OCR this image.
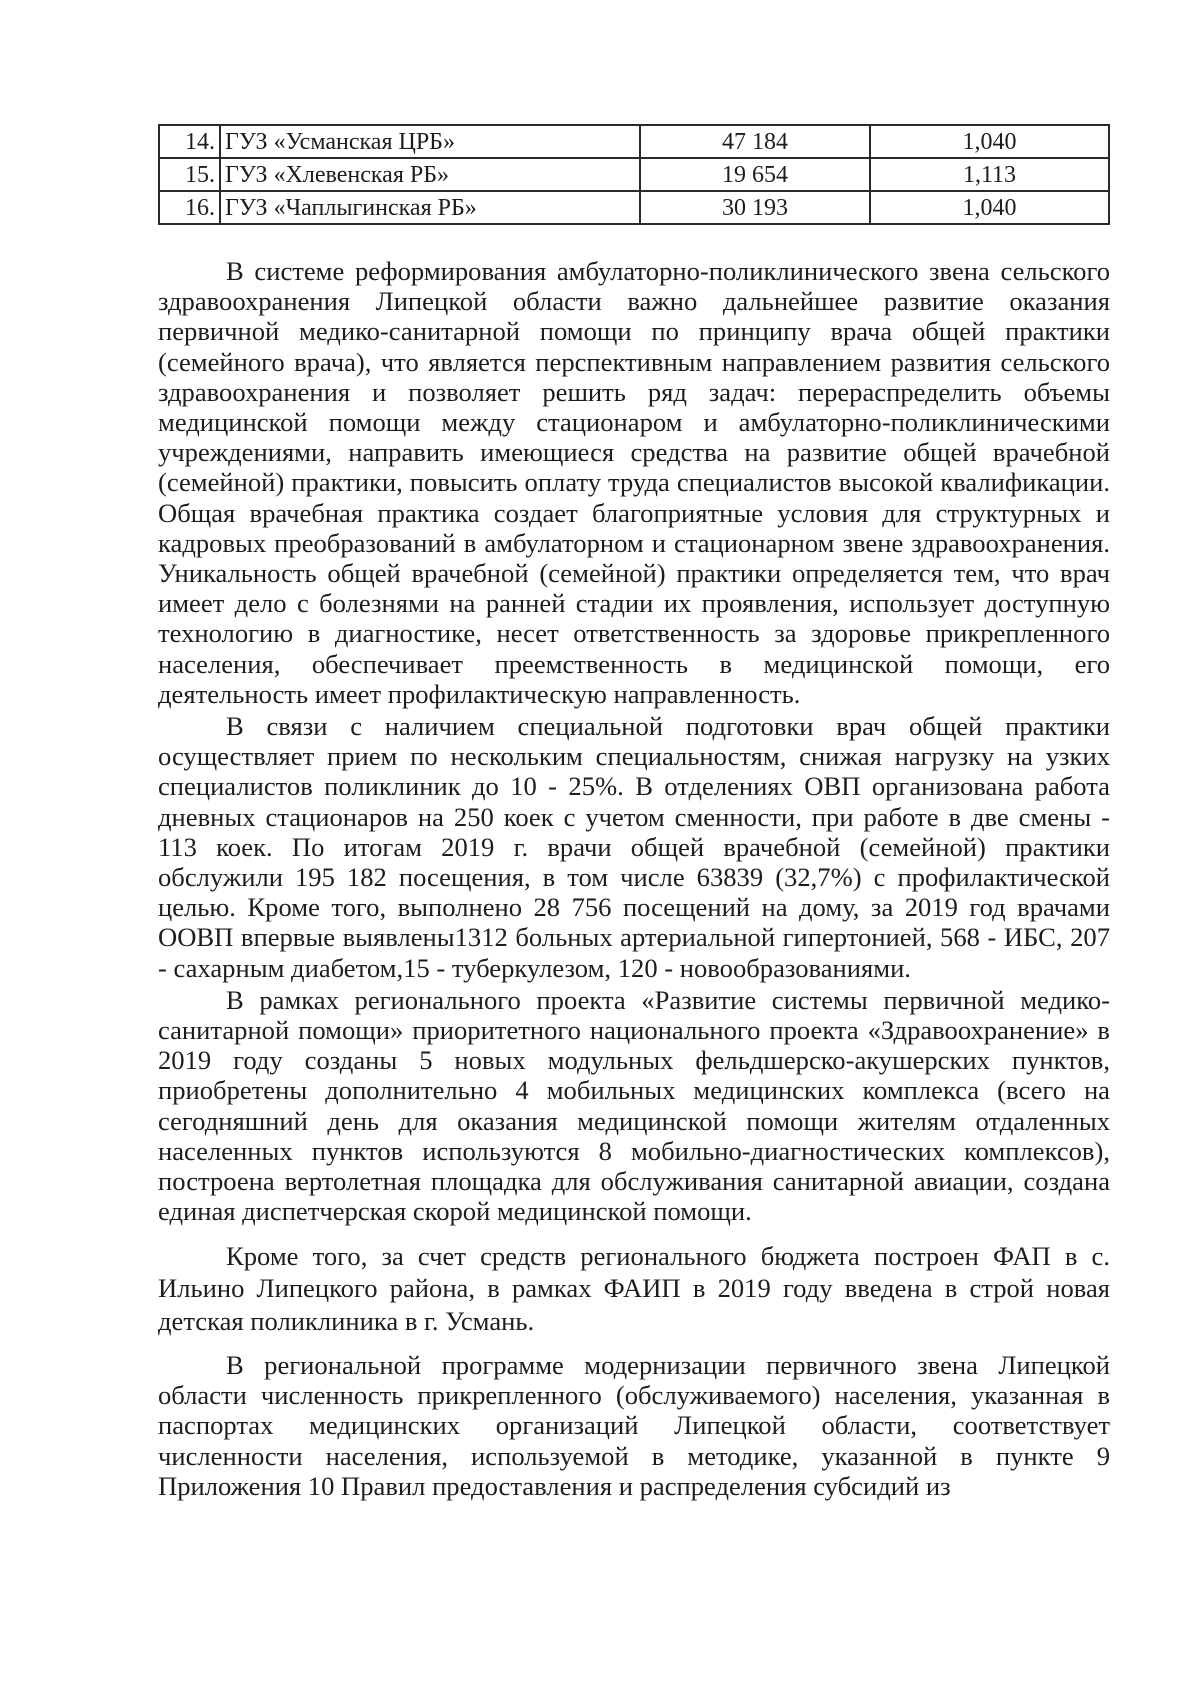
14.	ГУЗ «Усманская ЦРБ»	47 184	1,040
15.	ГУЗ «Хлевенская РБ»	19 654	1,113
16.	ГУЗ «Чаплыгинская РБ»	30 193	1,040

В системе реформирования амбулаторно-поликлинического звена сельского здравоохранения Липецкой области важно дальнейшее развитие оказания первичной медико-санитарной помощи по принципу врача общей практики (семейного врача), что является перспективным направлением развития сельского здравоохранения и позволяет решить ряд задач: перераспределить объемы медицинской помощи между стационаром и амбулаторно-поликлиническими учреждениями, направить имеющиеся средства на развитие общей врачебной (семейной) практики, повысить оплату труда специалистов высокой квалификации. Общая врачебная практика создает благоприятные условия для структурных и кадровых преобразований в амбулаторном и стационарном звене здравоохранения. Уникальность общей врачебной (семейной) практики определяется тем, что врач имеет дело с болезнями на ранней стадии их проявления, использует доступную технологию в диагностике, несет ответственность за здоровье прикрепленного населения, обеспечивает преемственность в медицинской помощи, его деятельность имеет профилактическую направленность.

В связи с наличием специальной подготовки врач общей практики осуществляет прием по нескольким специальностям, снижая нагрузку на узких специалистов поликлиник до 10 - 25%. В отделениях ОВП организована работа дневных стационаров на 250 коек с учетом сменности, при работе в две смены - 113 коек. По итогам 2019 г. врачи общей врачебной (семейной) практики обслужили 195 182 посещения, в том числе 63839 (32,7%) с профилактической целью. Кроме того, выполнено 28 756 посещений на дому, за 2019 год врачами ООВП впервые выявлены1312 больных артериальной гипертонией, 568 - ИБС, 207 - сахарным диабетом,15 - туберкулезом, 120 - новообразованиями.

В рамках регионального проекта «Развитие системы первичной медико-санитарной помощи» приоритетного национального проекта «Здравоохранение» в 2019 году созданы 5 новых модульных фельдшерско-акушерских пунктов, приобретены дополнительно 4 мобильных медицинских комплекса (всего на сегодняшний день для оказания медицинской помощи жителям отдаленных населенных пунктов используются 8 мобильно-диагностических комплексов), построена вертолетная площадка для обслуживания санитарной авиации, создана единая диспетчерская скорой медицинской помощи.

Кроме того, за счет средств регионального бюджета построен ФАП в с. Ильино Липецкого района, в рамках ФАИП в 2019 году введена в строй новая детская поликлиника в г. Усмань.

В региональной программе модернизации первичного звена Липецкой области численность прикрепленного (обслуживаемого) населения, указанная в паспортах медицинских организаций Липецкой области, соответствует численности населения, используемой в методике, указанной в пункте 9 Приложения 10 Правил предоставления и распределения субсидий из
